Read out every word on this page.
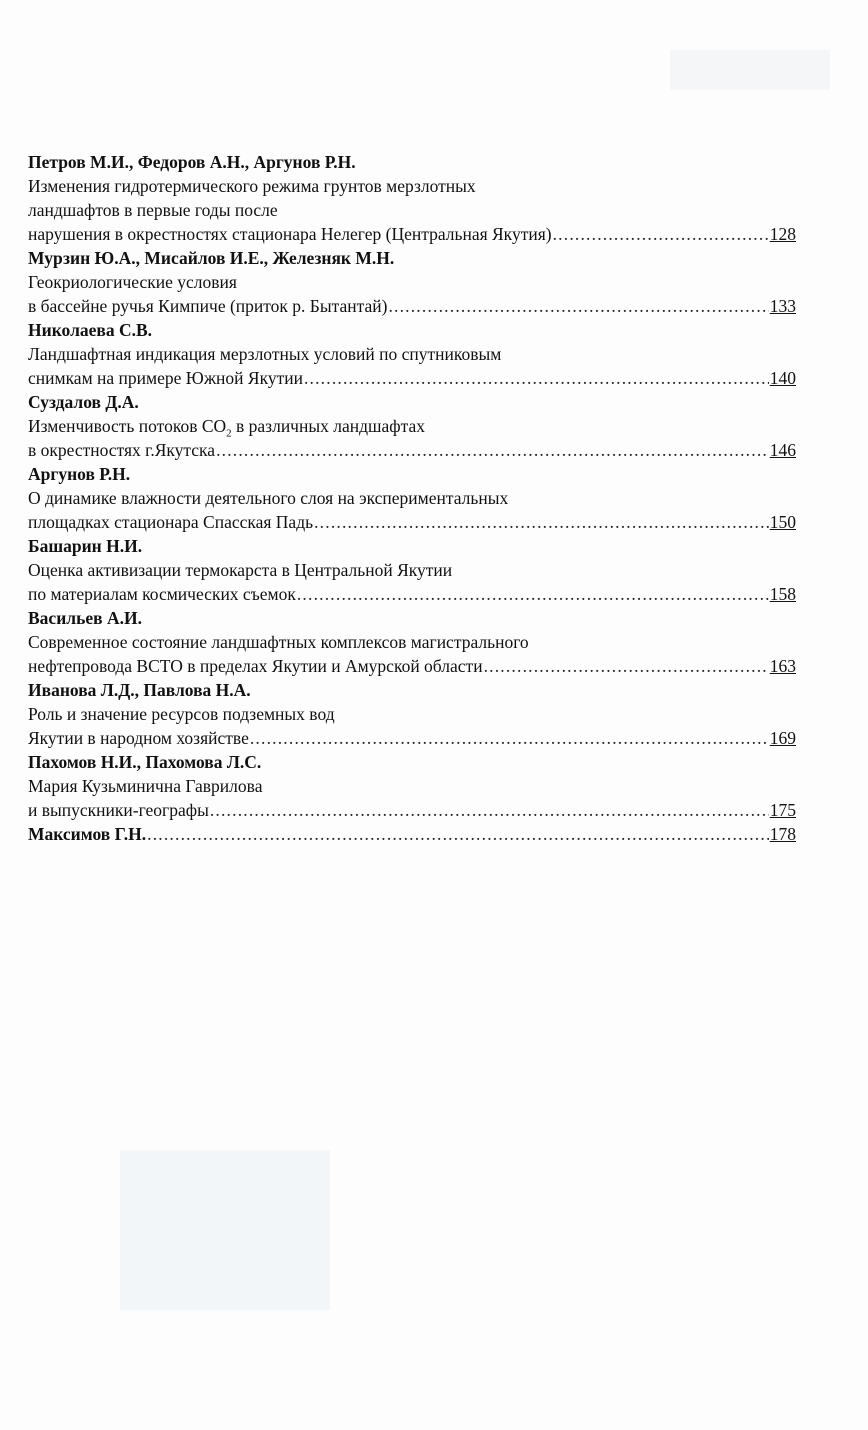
Петров М.И., Федоров А.Н., Аргунов Р.Н.
Изменения гидротермического режима грунтов мерзлотных
ландшафтов в первые годы после
нарушения в окрестностях стационара Нелегер (Центральная Якутия) .....	128
Мурзин Ю.А., Мисайлов И.Е., Железняк М.Н.
Геокриологические условия
в бассейне ручья Кимпиче (приток р. Бытантай) .....	133
Николаева С.В.
Ландшафтная индикация мерзлотных условий по спутниковым
снимкам на примере Южной Якутии .....	140
Суздалов Д.А.
Изменчивость потоков $СО_2$ в различных ландшафтах
в окрестностях г.Якутска .....	146
Аргунов Р.Н.
О динамике влажности деятельного слоя на экспериментальных
площадках стационара Спасская Падь .....	150
Башарин Н.И.
Оценка активизации термокарста в Центральной Якутии
по материалам космических съемок .....	158
Васильев А.И.
Современное состояние ландшафтных комплексов магистрального
нефтепровода ВСТО в пределах Якутии и Амурской области .....	163
Иванова Л.Д., Павлова Н.А.
Роль и значение ресурсов подземных вод
Якутии в народном хозяйстве .....	169
Пахомов Н.И., Пахомова Л.С.
Мария Кузьминична Гаврилова
и выпускники-географы .....	175
Максимов Г.Н. .....	178
